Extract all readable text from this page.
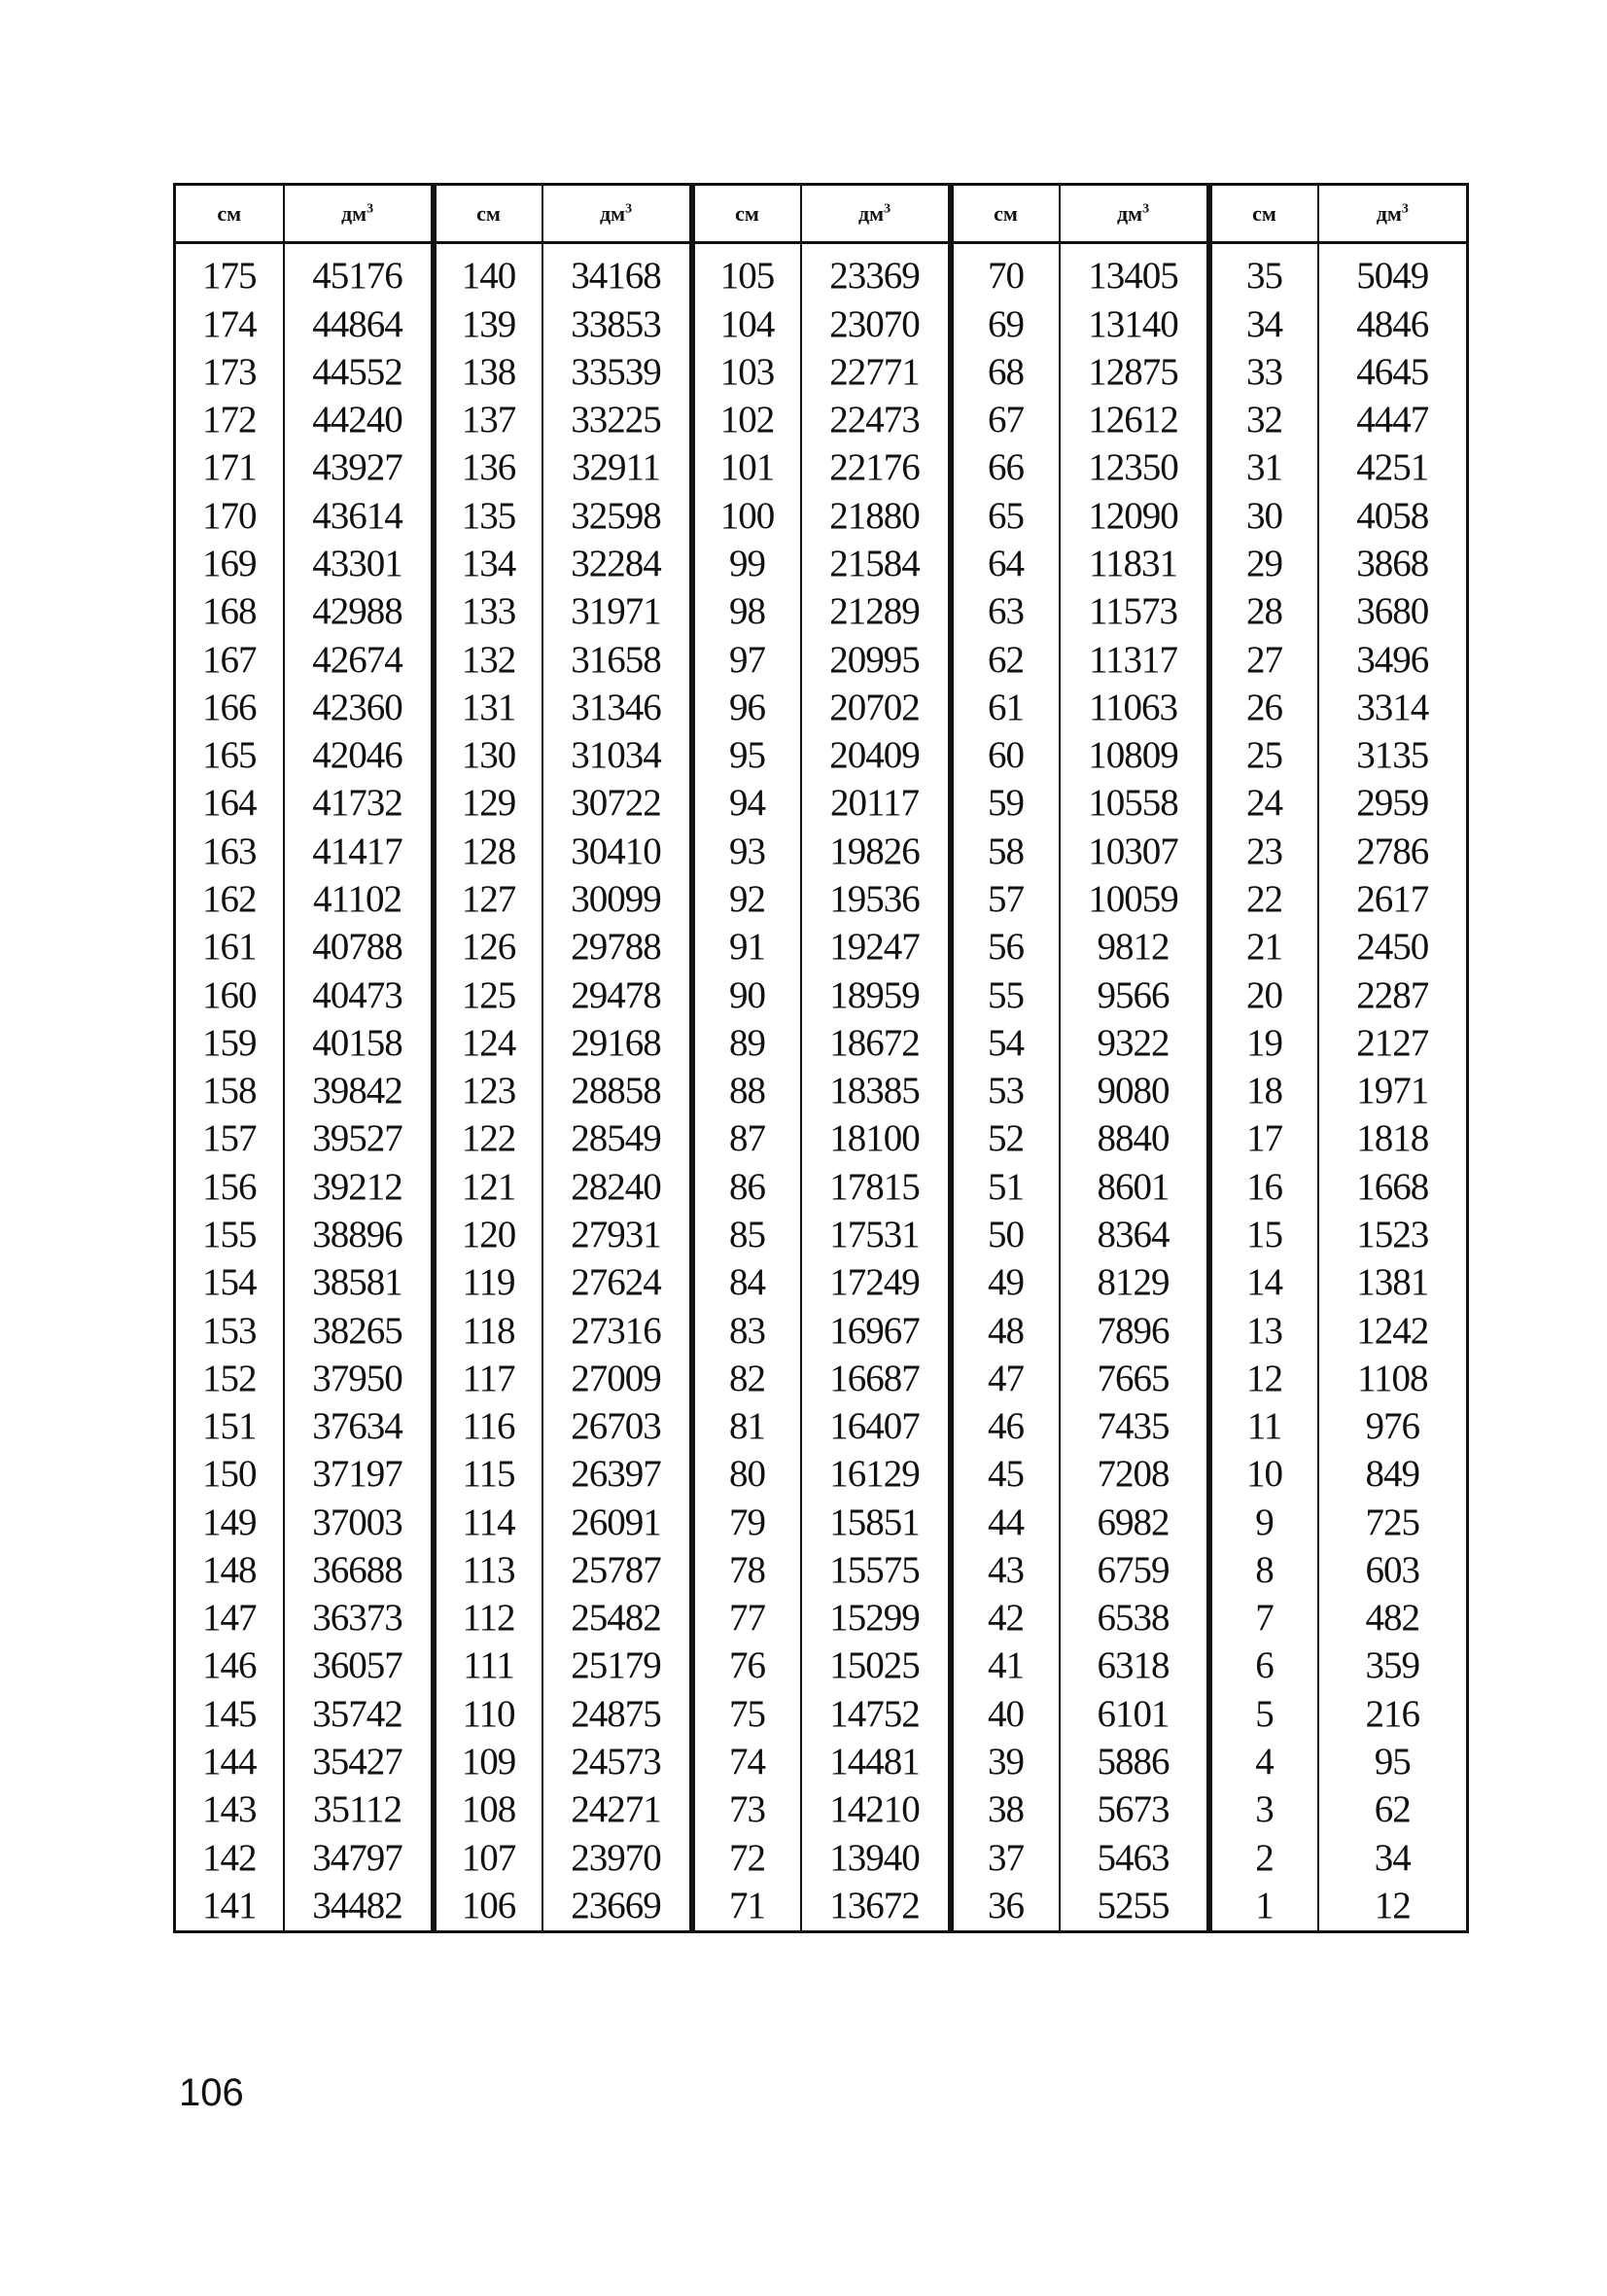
см	$дм^3$	см	$дм^3$	см	$дм^3$	см	$дм^3$	см	$дм^3$
175	45176	140	34168	105	23369	70	13405	35	5049
174	44864	139	33853	104	23070	69	13140	34	4846
173	44552	138	33539	103	22771	68	12875	33	4645
172	44240	137	33225	102	22473	67	12612	32	4447
171	43927	136	32911	101	22176	66	12350	31	4251
170	43614	135	32598	100	21880	65	12090	30	4058
169	43301	134	32284	99	21584	64	11831	29	3868
168	42988	133	31971	98	21289	63	11573	28	3680
167	42674	132	31658	97	20995	62	11317	27	3496
166	42360	131	31346	96	20702	61	11063	26	3314
165	42046	130	31034	95	20409	60	10809	25	3135
164	41732	129	30722	94	20117	59	10558	24	2959
163	41417	128	30410	93	19826	58	10307	23	2786
162	41102	127	30099	92	19536	57	10059	22	2617
161	40788	126	29788	91	19247	56	9812	21	2450
160	40473	125	29478	90	18959	55	9566	20	2287
159	40158	124	29168	89	18672	54	9322	19	2127
158	39842	123	28858	88	18385	53	9080	18	1971
157	39527	122	28549	87	18100	52	8840	17	1818
156	39212	121	28240	86	17815	51	8601	16	1668
155	38896	120	27931	85	17531	50	8364	15	1523
154	38581	119	27624	84	17249	49	8129	14	1381
153	38265	118	27316	83	16967	48	7896	13	1242
152	37950	117	27009	82	16687	47	7665	12	1108
151	37634	116	26703	81	16407	46	7435	11	976
150	37197	115	26397	80	16129	45	7208	10	849
149	37003	114	26091	79	15851	44	6982	9	725
148	36688	113	25787	78	15575	43	6759	8	603
147	36373	112	25482	77	15299	42	6538	7	482
146	36057	111	25179	76	15025	41	6318	6	359
145	35742	110	24875	75	14752	40	6101	5	216
144	35427	109	24573	74	14481	39	5886	4	95
143	35112	108	24271	73	14210	38	5673	3	62
142	34797	107	23970	72	13940	37	5463	2	34
141	34482	106	23669	71	13672	36	5255	1	12

106
